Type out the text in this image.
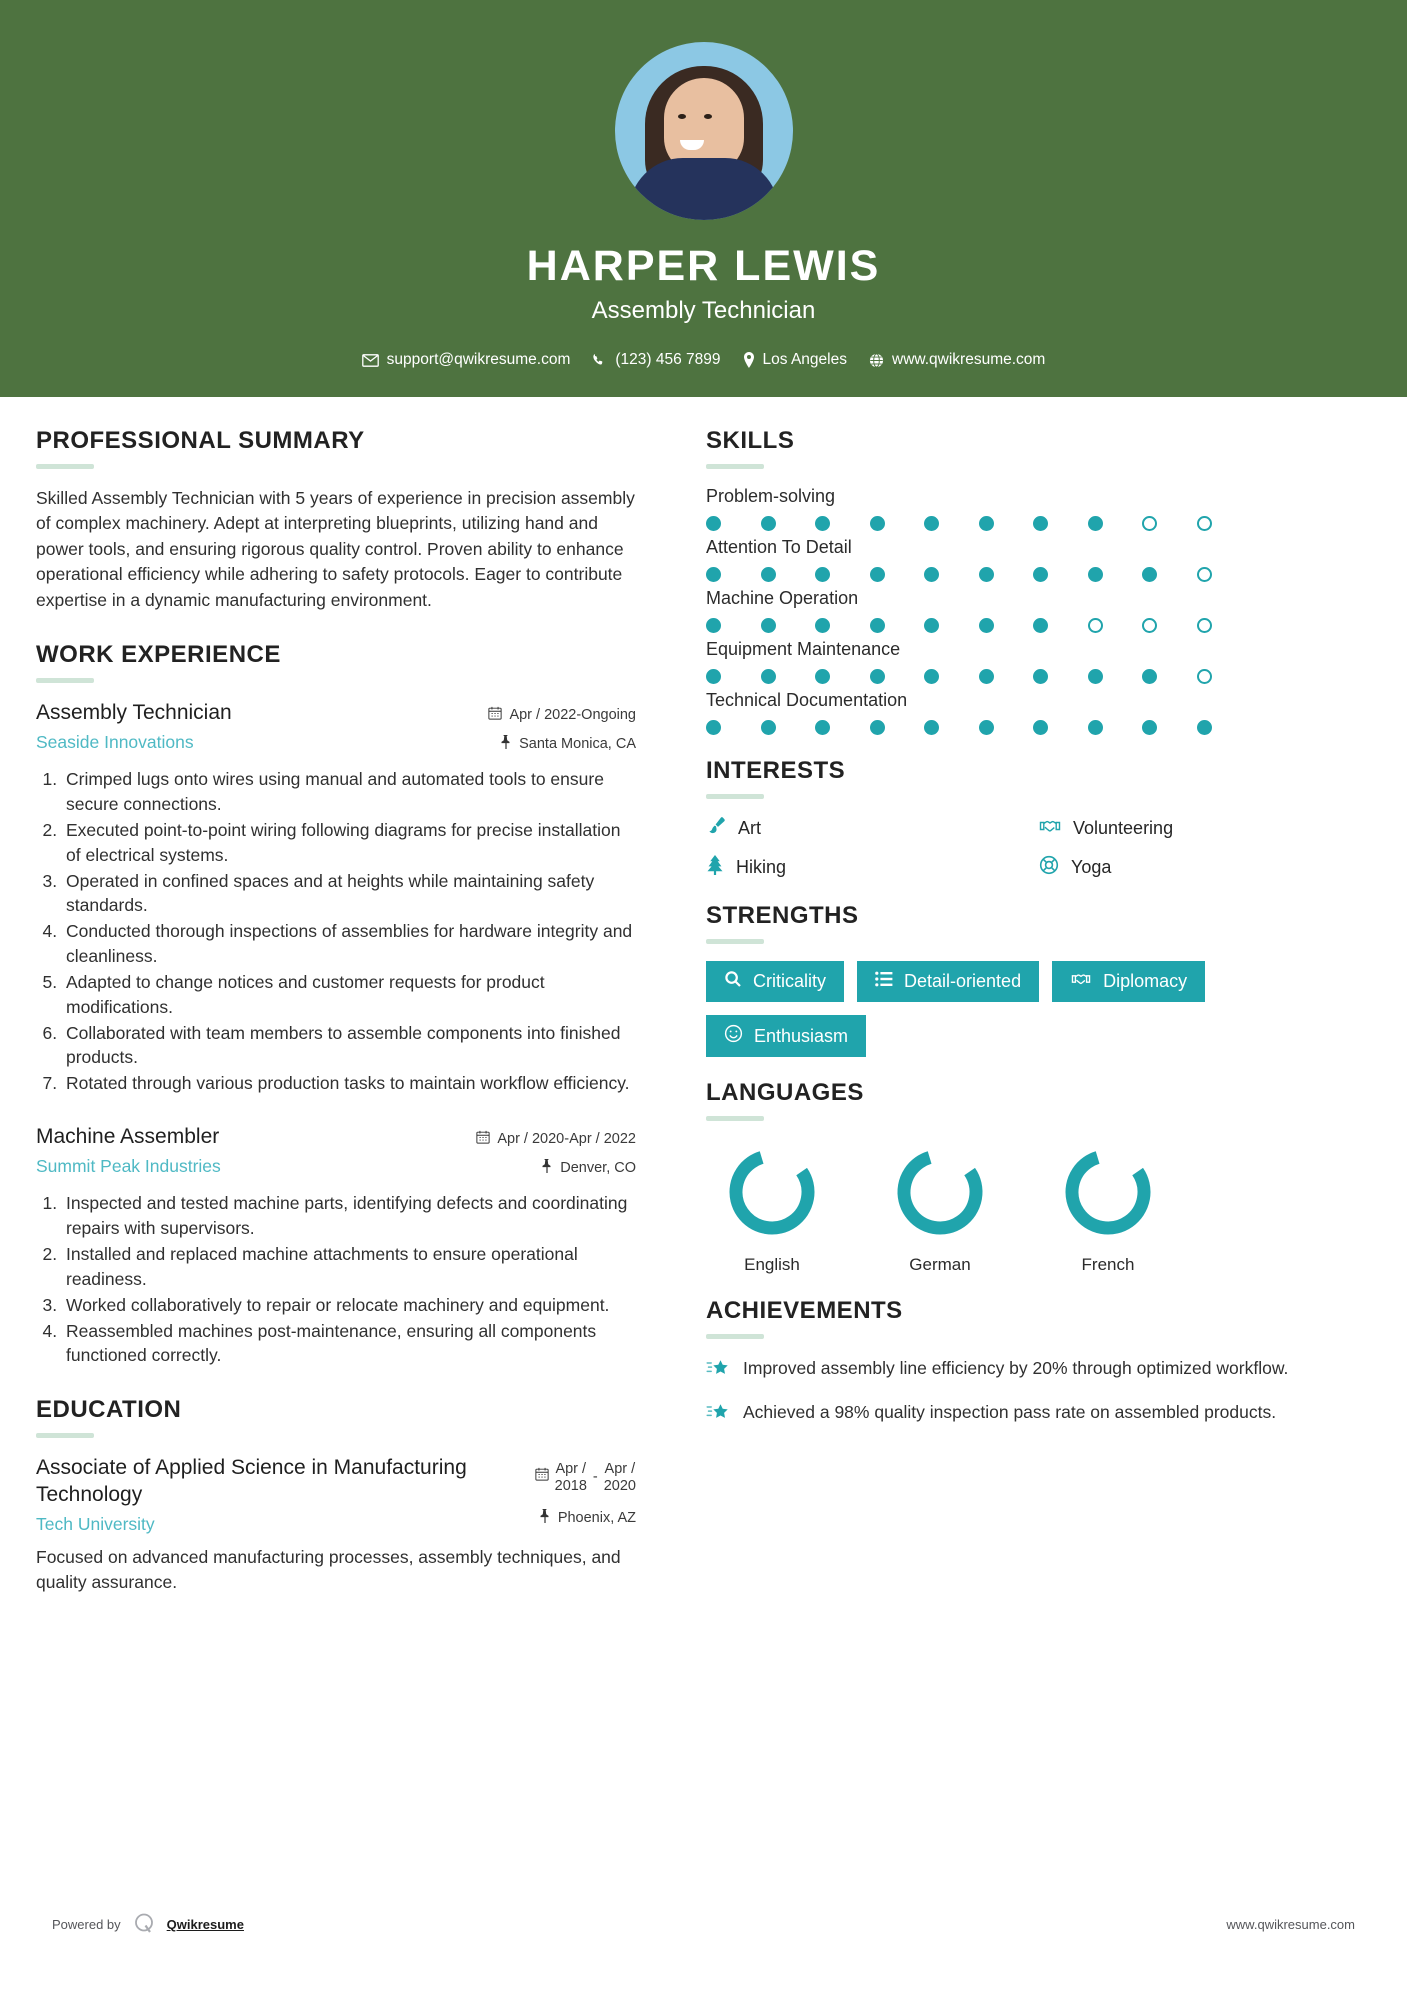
HARPER LEWIS
Assembly Technician
support@qwikresume.com	(123) 456 7899	Los Angeles	www.qwikresume.com
PROFESSIONAL SUMMARY
Skilled Assembly Technician with 5 years of experience in precision assembly of complex machinery. Adept at interpreting blueprints, utilizing hand and power tools, and ensuring rigorous quality control. Proven ability to enhance operational efficiency while adhering to safety protocols. Eager to contribute expertise in a dynamic manufacturing environment.
WORK EXPERIENCE
Assembly Technician
Seaside Innovations
Apr / 2022-Ongoing
Santa Monica, CA
1. Crimped lugs onto wires using manual and automated tools to ensure secure connections.
2. Executed point-to-point wiring following diagrams for precise installation of electrical systems.
3. Operated in confined spaces and at heights while maintaining safety standards.
4. Conducted thorough inspections of assemblies for hardware integrity and cleanliness.
5. Adapted to change notices and customer requests for product modifications.
6. Collaborated with team members to assemble components into finished products.
7. Rotated through various production tasks to maintain workflow efficiency.
Machine Assembler
Summit Peak Industries
Apr / 2020-Apr / 2022
Denver, CO
1. Inspected and tested machine parts, identifying defects and coordinating repairs with supervisors.
2. Installed and replaced machine attachments to ensure operational readiness.
3. Worked collaboratively to repair or relocate machinery and equipment.
4. Reassembled machines post-maintenance, ensuring all components functioned correctly.
EDUCATION
Associate of Applied Science in Manufacturing Technology
Tech University
Apr /
2018
- Apr /
2020
Phoenix, AZ
Focused on advanced manufacturing processes, assembly techniques, and quality assurance.
SKILLS
Problem-solving
Attention To Detail
Machine Operation
Equipment Maintenance
Technical Documentation
INTERESTS
Art	Volunteering
Hiking	Yoga
STRENGTHS
Criticality	Detail-oriented	Diplomacy
Enthusiasm
LANGUAGES
English	German	French
ACHIEVEMENTS
Improved assembly line efficiency by 20% through optimized workflow.
Achieved a 98% quality inspection pass rate on assembled products.
Powered by	Qwikresume	www.qwikresume.com
